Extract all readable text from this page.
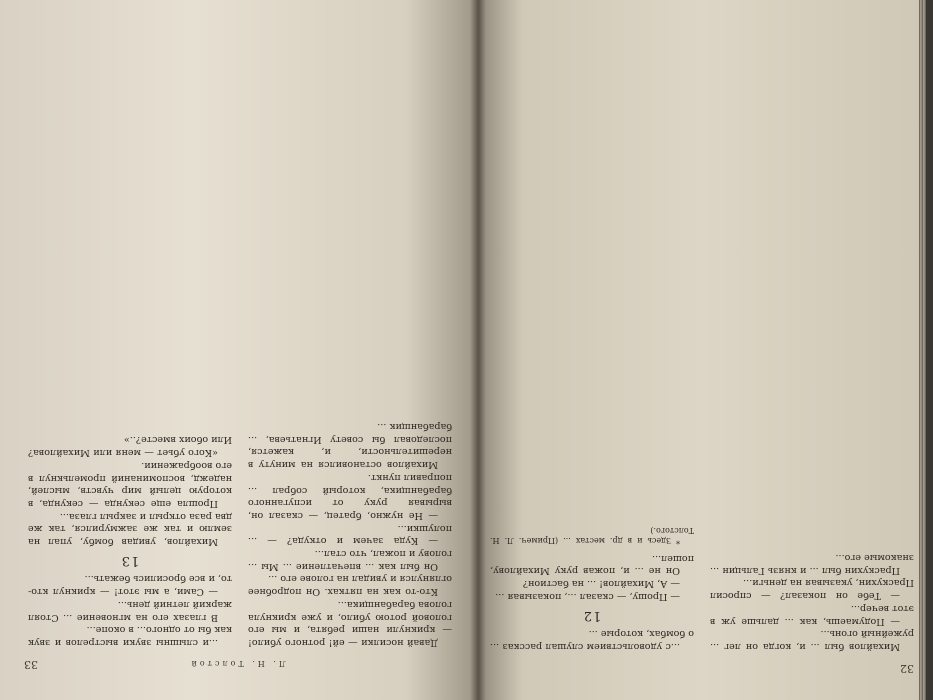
33	Л. Н. Толстой

Давай носилки — ей! ротного убило! — крикнули наши ребята, и мы его головой ротою убило, и уже крикнула голова барабанщика...

Кто-то как на пятках. Он подробнее оглянулся и увидал на голове его ...

Он был как ... впечатление ... Мы ... голову и пожал, что стал...

— Куда зачем и откуда? — ... полушки...

— Не нужно, братец, — сказал он, вырывая руку от испуганного барабанщика, который собрал ... поправил пункт.

Михайлов остановился на минуту в нерешительности, и, кажется, последовал бы совету Игнатьева, ... барабанщик ...

...и слышны звуки выстрелов и звук как бы от одного... в окопе...

В глазах его на мгновение ... Стоял жаркий летний день...

— Сами, а мы этот! — крикнул кто-то, и все бросились бежать...

13

Михайлов, увидав бомбу, упал на землю и так же зажмурился, так же два раза открыл и закрыл глаза...

Прошла еще секунда — секунда, в которую целый мир чувств, мыслей, надежд, воспоминаний промелькнул в его воображении.

«Кого убьет — меня или Михайлова? Или обоих вместе?..»

32

Михайлов был ... и, когда он лег ... ружейный огонь...

— Подумаешь, как ... дальше уж в этот вечер...

— Тебе он показал? — спросил Праскухин, указывая на деньги...

Праскухин был ... и князь Гальцин ... знакомые его...

...с удовольствием слушал рассказ ... о бомбах, которые ...

12

— Прошу, — сказал ..., показывая ...

— А, Михайлов! ... на бастион?

Он не ... и, пожав руку Михайлову, пошел...

* Здесь и в др. местах ... (Примеч. Л. Н. Толстого.)
